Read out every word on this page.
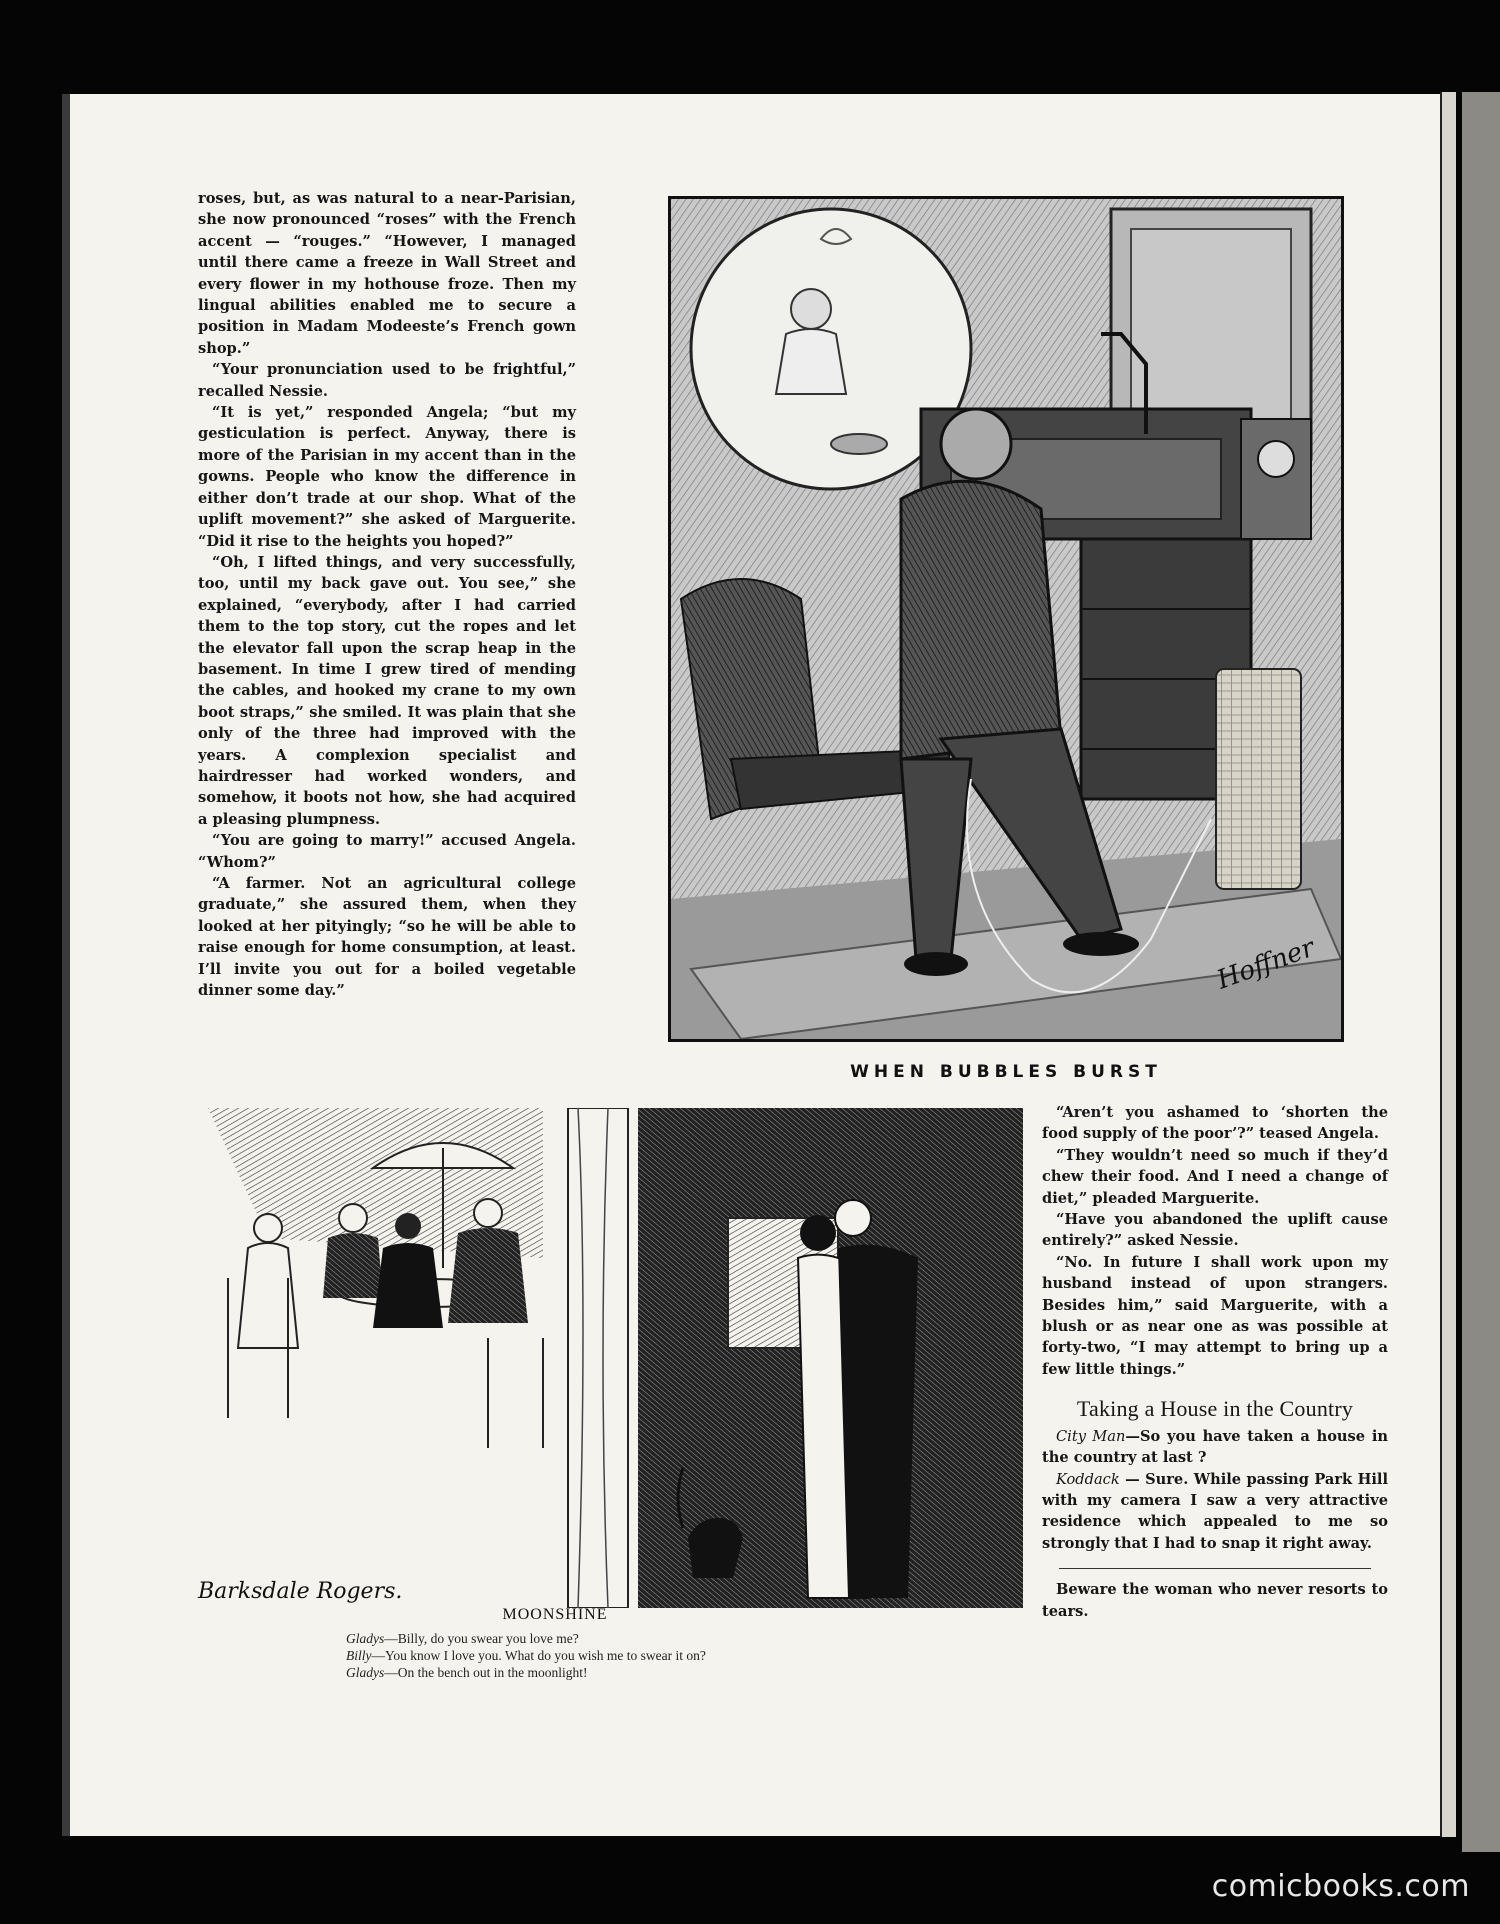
roses, but, as was natural to a near-Parisian, she now pronounced “roses” with the French accent — “rouges.” “However, I managed until there came a freeze in Wall Street and every flower in my hothouse froze. Then my lingual abilities enabled me to secure a position in Madam Modeeste’s French gown shop.”

“Your pronunciation used to be frightful,” recalled Nessie.

“It is yet,” responded Angela; “but my gesticulation is perfect. Anyway, there is more of the Parisian in my accent than in the gowns. People who know the difference in either don’t trade at our shop. What of the uplift movement?” she asked of Marguerite. “Did it rise to the heights you hoped?”

“Oh, I lifted things, and very successfully, too, until my back gave out. You see,” she explained, “everybody, after I had carried them to the top story, cut the ropes and let the elevator fall upon the scrap heap in the basement. In time I grew tired of mending the cables, and hooked my crane to my own boot straps,” she smiled. It was plain that she only of the three had improved with the years. A complexion specialist and hairdresser had worked wonders, and somehow, it boots not how, she had acquired a pleasing plumpness.

“You are going to marry!” accused Angela. “Whom?”

“A farmer. Not an agricultural college graduate,” she assured them, when they looked at her pityingly; “so he will be able to raise enough for home consumption, at least. I’ll invite you out for a boiled vegetable dinner some day.”	Hoffner
WHEN BUBBLES BURST
Barksdale Rogers.
MOONSHINE
Gladys—Billy, do you swear you love me?
Billy—You know I love you. What do you wish me to swear it on?
Gladys—On the bench out in the moonlight!

“Aren’t you ashamed to ‘shorten the food supply of the poor’?” teased Angela.

“They wouldn’t need so much if they’d chew their food. And I need a change of diet,” pleaded Marguerite.

“Have you abandoned the uplift cause entirely?” asked Nessie.

“No. In future I shall work upon my husband instead of upon strangers. Besides him,” said Marguerite, with a blush or as near one as was possible at forty-two, “I may attempt to bring up a few little things.”

Taking a House in the Country

City Man—So you have taken a house in the country at last ?

Koddack — Sure. While passing Park Hill with my camera I saw a very attractive residence which appealed to me so strongly that I had to snap it right away.

Beware the woman who never resorts to tears.

comicbooks.com
